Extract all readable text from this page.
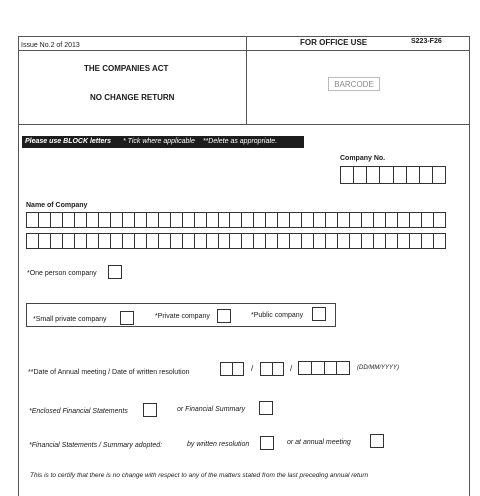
Issue No.2 of 2013	FOR OFFICE USE	S223-F26
THE COMPANIES ACT
NO CHANGE RETURN
BARCODE
Please use BLOCK letters * Tick where applicable **Delete as appropriate.
Company No.
Name of Company
*One person company
*Small private company	*Private company	*Public company
**Date of Annual meeting / Date of written resolution	/	/	(DD/MM/YYYY)
*Enclosed Financial Statements	or Financial Summary
*Financial Statements / Summary adopted:	by written resolution	or at annual meeting
This is to certify that there is no change with respect to any of the matters stated from the last preceding annual return
